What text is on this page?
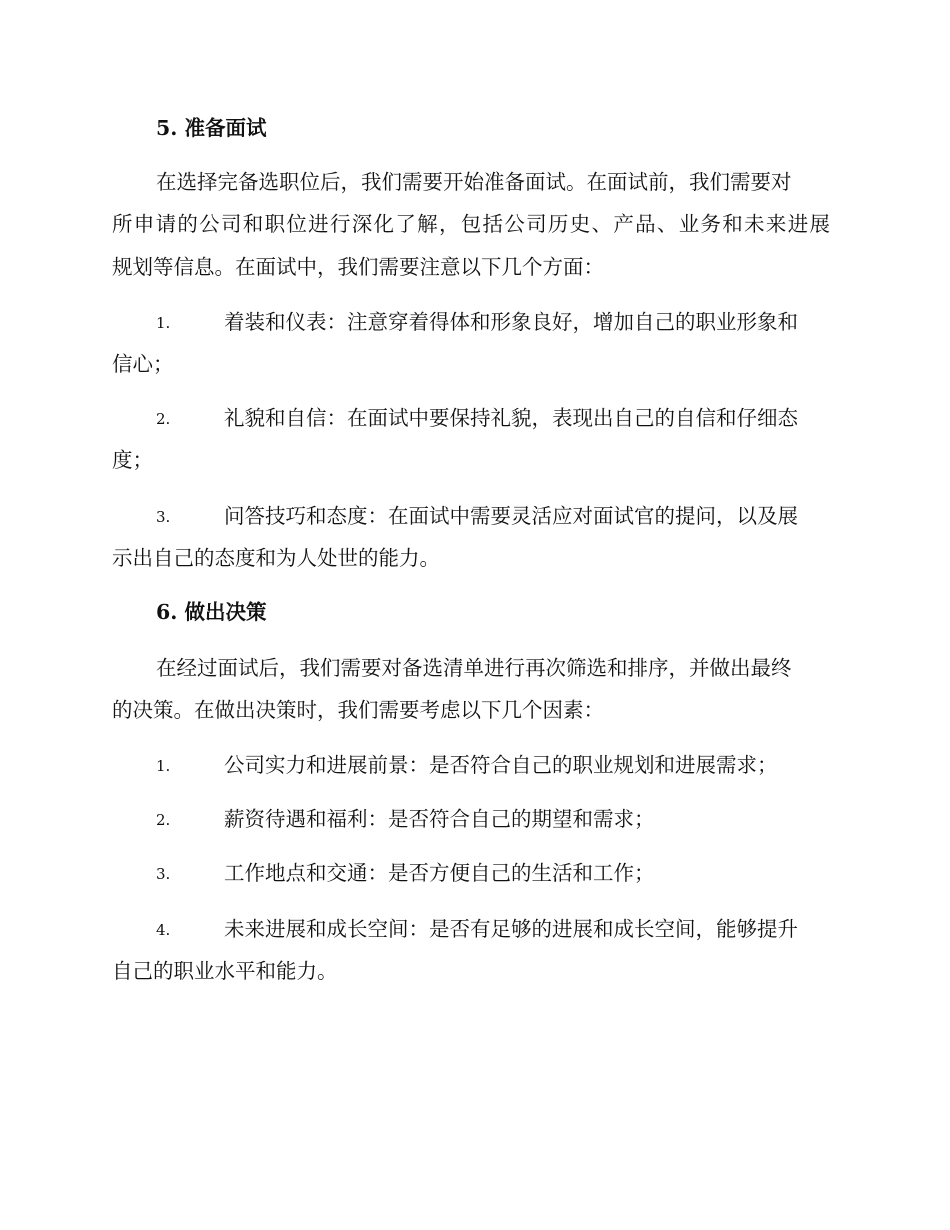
5. 准备面试
在选择完备选职位后，我们需要开始准备面试。在面试前，我们需要对
所申请的公司和职位进行深化了解，包括公司历史、产品、业务和未来进展
规划等信息。在面试中，我们需要注意以下几个方面：
1.	着装和仪表：注意穿着得体和形象良好，增加自己的职业形象和
信心；
2.	礼貌和自信：在面试中要保持礼貌，表现出自己的自信和仔细态
度；
3.	问答技巧和态度：在面试中需要灵活应对面试官的提问，以及展
示出自己的态度和为人处世的能力。
6. 做出决策
在经过面试后，我们需要对备选清单进行再次筛选和排序，并做出最终
的决策。在做出决策时，我们需要考虑以下几个因素：
1.	公司实力和进展前景：是否符合自己的职业规划和进展需求；
2.	薪资待遇和福利：是否符合自己的期望和需求；
3.	工作地点和交通：是否方便自己的生活和工作；
4.	未来进展和成长空间：是否有足够的进展和成长空间，能够提升
自己的职业水平和能力。
